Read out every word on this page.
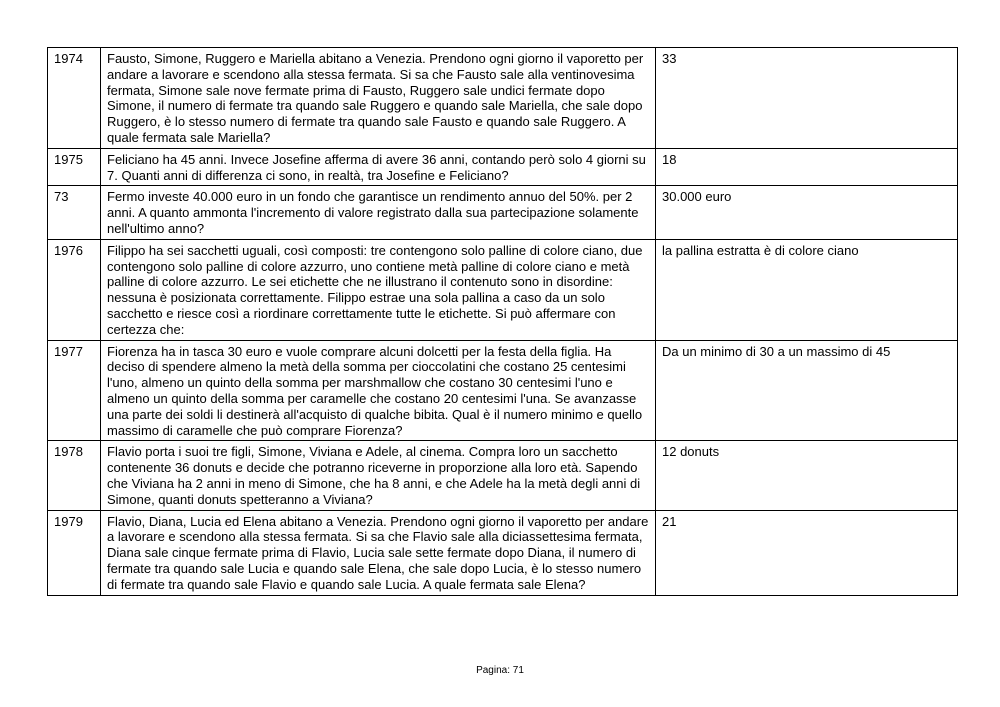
1974	Fausto, Simone, Ruggero e Mariella abitano a Venezia. Prendono ogni giorno il vaporetto per andare a lavorare e scendono alla stessa fermata. Si sa che Fausto sale alla ventinovesima fermata, Simone sale nove fermate prima di Fausto, Ruggero sale undici fermate dopo Simone, il numero di fermate tra quando sale Ruggero e quando sale Mariella, che sale dopo Ruggero, è lo stesso numero di fermate tra quando sale Fausto e quando sale Ruggero. A quale fermata sale Mariella?	33
1975	Feliciano ha 45 anni. Invece Josefine afferma di avere 36 anni, contando però solo 4 giorni su 7. Quanti anni di differenza ci sono, in realtà, tra Josefine e Feliciano?	18
73	Fermo investe 40.000 euro in un fondo che garantisce un rendimento annuo del 50%. per 2 anni. A quanto ammonta l'incremento di valore registrato dalla sua partecipazione solamente nell'ultimo anno?	30.000 euro
1976	Filippo ha sei sacchetti uguali, così composti: tre contengono solo palline di colore ciano, due contengono solo palline di colore azzurro, uno contiene metà palline di colore ciano e metà palline di colore azzurro. Le sei etichette che ne illustrano il contenuto sono in disordine: nessuna è posizionata correttamente. Filippo estrae una sola pallina a caso da un solo sacchetto e riesce così a riordinare correttamente tutte le etichette. Si può affermare con certezza che:	la pallina estratta è di colore ciano
1977	Fiorenza ha in tasca 30 euro e vuole comprare alcuni dolcetti per la festa della figlia. Ha deciso di spendere almeno la metà della somma per cioccolatini che costano 25 centesimi l'uno, almeno un quinto della somma per marshmallow che costano 30 centesimi l'uno e almeno un quinto della somma per caramelle che costano 20 centesimi l'una. Se avanzasse una parte dei soldi li destinerà all'acquisto di qualche bibita. Qual è il numero minimo e quello massimo di caramelle che può comprare Fiorenza?	Da un minimo di 30 a un massimo di 45
1978	Flavio porta i suoi tre figli, Simone, Viviana e Adele, al cinema. Compra loro un sacchetto contenente 36 donuts e decide che potranno riceverne in proporzione alla loro età. Sapendo che Viviana ha 2 anni in meno di Simone, che ha 8 anni, e che Adele ha la metà degli anni di Simone, quanti donuts spetteranno a Viviana?	12 donuts
1979	Flavio, Diana, Lucia ed Elena abitano a Venezia. Prendono ogni giorno il vaporetto per andare a lavorare e scendono alla stessa fermata. Si sa che Flavio sale alla diciassettesima fermata, Diana sale cinque fermate prima di Flavio, Lucia sale sette fermate dopo Diana, il numero di fermate tra quando sale Lucia e quando sale Elena, che sale dopo Lucia, è lo stesso numero di fermate tra quando sale Flavio e quando sale Lucia. A quale fermata sale Elena?	21
Pagina: 71
